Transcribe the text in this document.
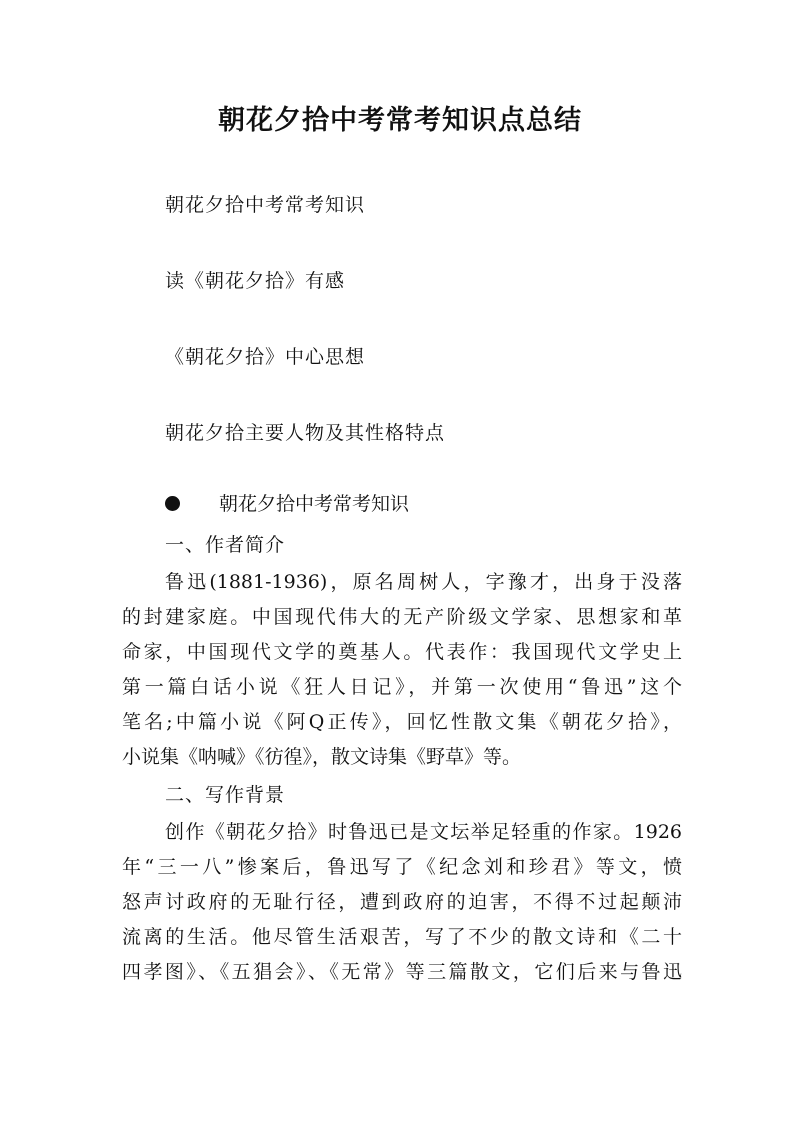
朝花夕拾中考常考知识点总结
朝花夕拾中考常考知识
读《朝花夕拾》有感
《朝花夕拾》中心思想
朝花夕拾主要人物及其性格特点
朝花夕拾中考常考知识
一、作者简介
鲁迅(1881-1936)，原名周树人，字豫才，出身于没落
的封建家庭。中国现代伟大的无产阶级文学家、思想家和革
命家，中国现代文学的奠基人。代表作：我国现代文学史上
第一篇白话小说《狂人日记》，并第一次使用“鲁迅”这个
笔名;中篇小说《阿Q正传》，回忆性散文集《朝花夕拾》，
小说集《呐喊》《彷徨》，散文诗集《野草》等。
二、写作背景
创作《朝花夕拾》时鲁迅已是文坛举足轻重的作家。1926
年“三一八”惨案后，鲁迅写了《纪念刘和珍君》等文，愤
怒声讨政府的无耻行径，遭到政府的迫害，不得不过起颠沛
流离的生活。他尽管生活艰苦，写了不少的散文诗和《二十
四孝图》、《五猖会》、《无常》等三篇散文，它们后来与鲁迅
